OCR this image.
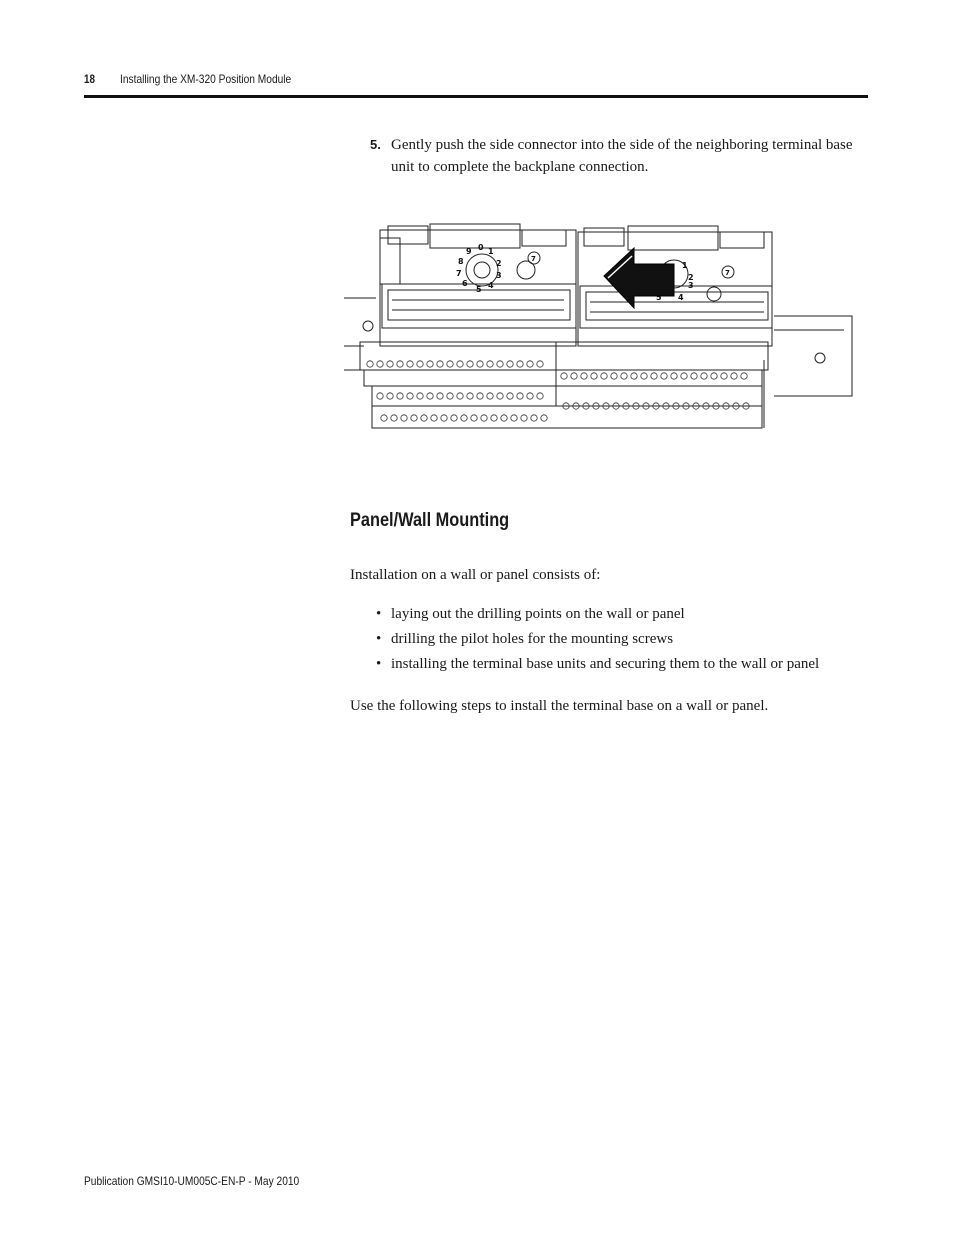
18 Installing the XM-320 Position Module
5. Gently push the side connector into the side of the neighboring terminal base unit to complete the backplane connection.
0 1
2
3
4
5
6
7
8
9
1
2
3
4
5
7
7
Panel/Wall Mounting
Installation on a wall or panel consists of:
• laying out the drilling points on the wall or panel
• drilling the pilot holes for the mounting screws
• installing the terminal base units and securing them to the wall or panel
Use the following steps to install the terminal base on a wall or panel.
Publication GMSI10-UM005C-EN-P - May 2010
